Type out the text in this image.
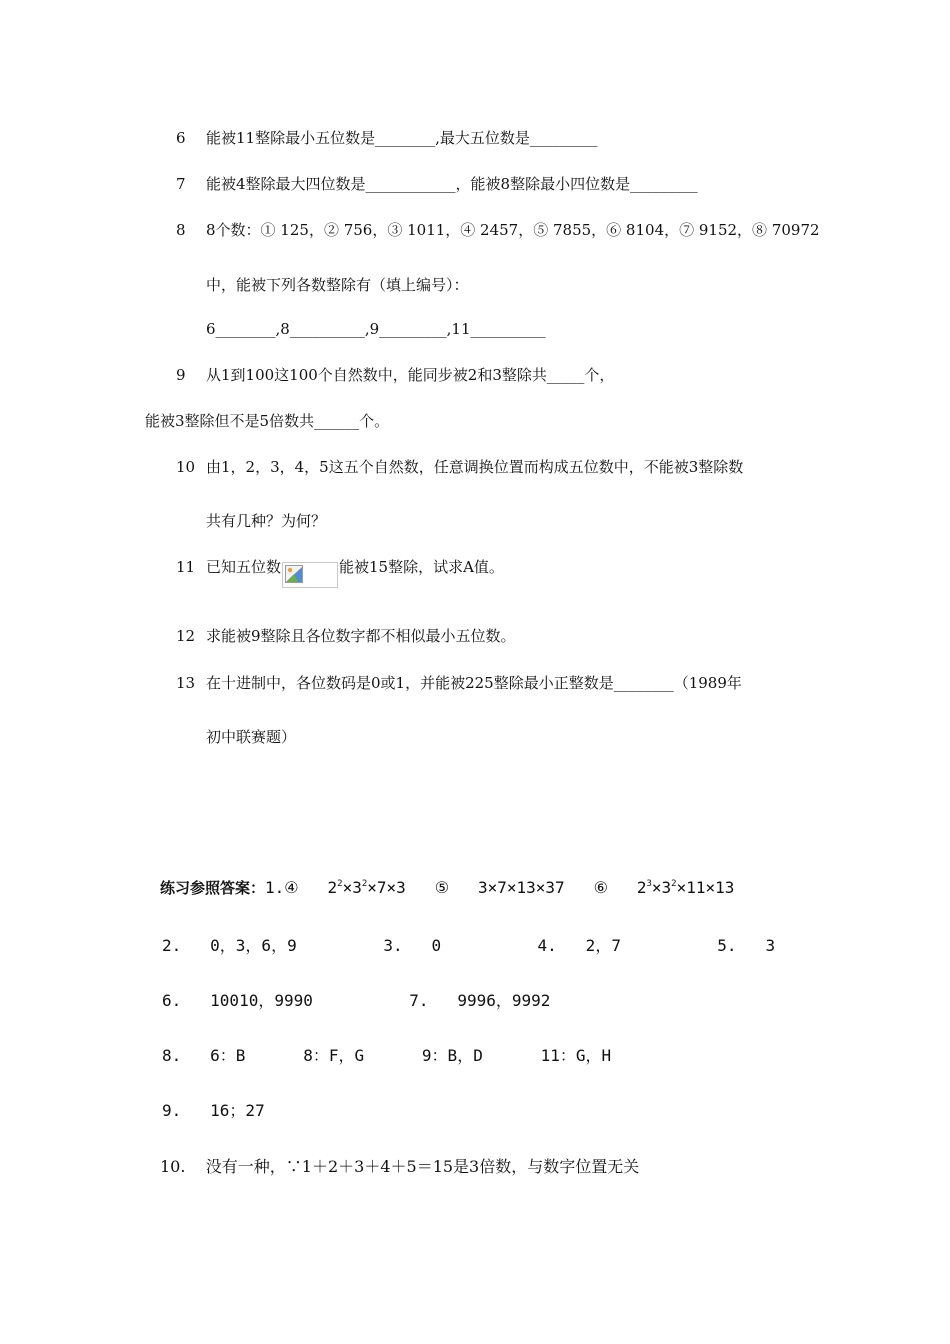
6 能被11整除最小五位数是________,最大五位数是_________
7 能被4整除最大四位数是____________，能被8整除最小四位数是_________
8 8个数：① 125，② 756，③ 1011，④ 2457，⑤ 7855，⑥ 8104，⑦ 9152，⑧ 70972
中，能被下列各数整除有（填上编号）：
6________,8__________,9_________,11__________
9 从1到100这100个自然数中，能同步被2和3整除共_____个，
能被3整除但不是5倍数共______个。
10 由1，2，3，4，5这五个自然数，任意调换位置而构成五位数中，不能被3整除数
共有几种？为何？
11 已知五位数	能被15整除，试求A值。
12 求能被9整除且各位数字都不相似最小五位数。
13 在十进制中，各位数码是0或1，并能被225整除最小正整数是________（1989年
初中联赛题）
练习参照答案：1.④ $2^2\times 3^2\times 7\times 3$ ⑤ 3×7×13×37 ⑥ $2^3\times 3^2\times 11\times 13$
2.   0，3，6，9         3.   0          4.   2，7          5.   3
6.   10010，9990          7.   9996，9992
8.   6：B      8：F，G      9：B，D      11：G，H
9.   16；27
10.    没有一种，∵1＋2＋3＋4＋5＝15是3倍数，与数字位置无关
